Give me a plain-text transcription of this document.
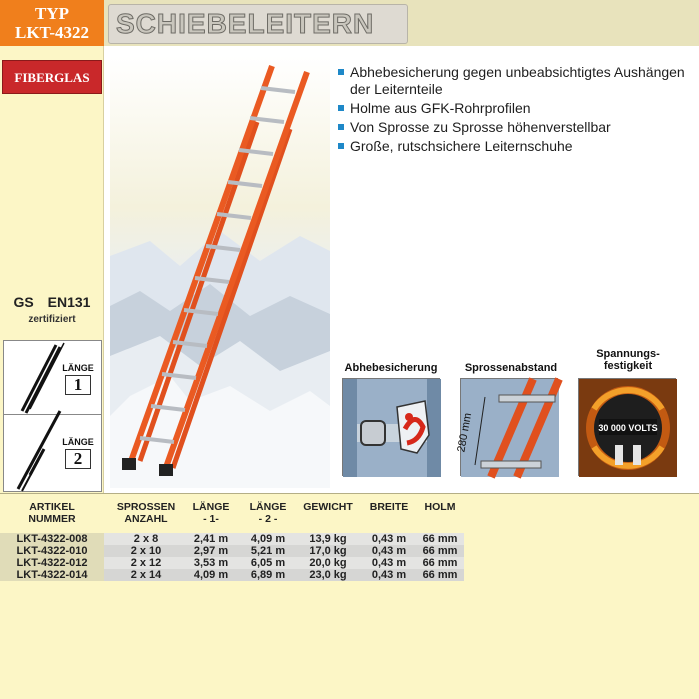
TYP
LKT-4322
FIBERGLAS
GS EN131
zertifiziert
LÄNGE
1
LÄNGE
2
SCHIEBELEITERN
Abhebesicherung gegen unbeabsichtigtes Aushängen der Leiternteile
Holme aus GFK-Rohrprofilen
Von Sprosse zu Sprosse höhenverstellbar
Große, rutschsichere Leiternschuhe
Abhebesicherung	Sprossenabstand
280 mm
Spannungs-
festigkeit
30 000 VOLTS
ARTIKEL
NUMMER
SPROSSEN
ANZAHL
LÄNGE
- 1-
LÄNGE
- 2 -
GEWICHT	BREITE	HOLM
LKT-4322-008	2 x 8	2,41 m	4,09 m	13,9 kg	0,43 m	66 mm
LKT-4322-010	2 x 10	2,97 m	5,21 m	17,0 kg	0,43 m	66 mm
LKT-4322-012	2 x 12	3,53 m	6,05 m	20,0 kg	0,43 m	66 mm
LKT-4322-014	2 x 14	4,09 m	6,89 m	23,0 kg	0,43 m	66 mm
